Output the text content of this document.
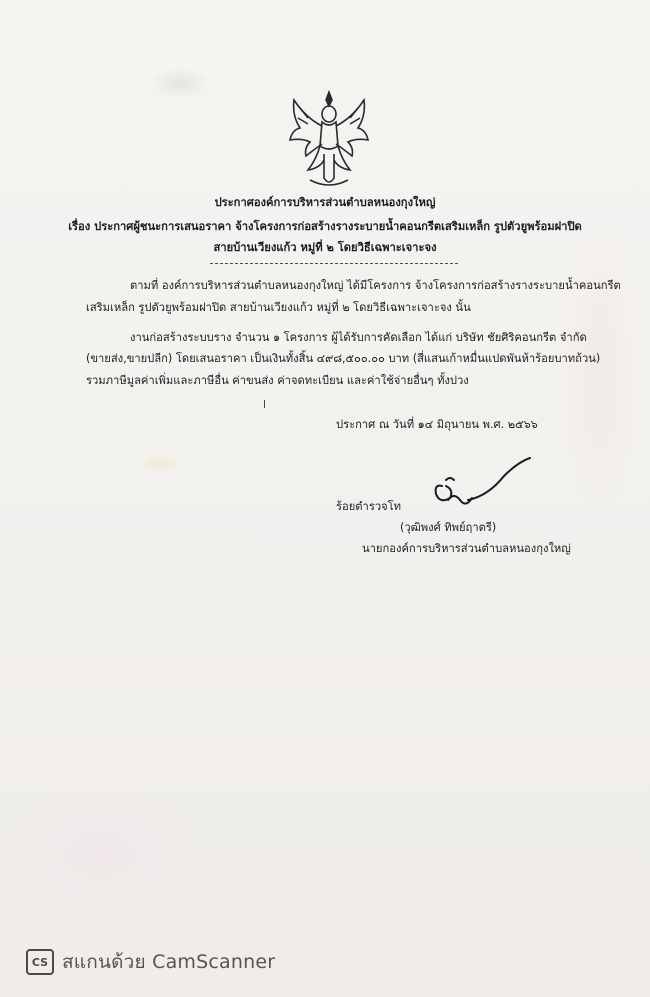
ประกาศองค์การบริหารส่วนตำบลหนองกุงใหญ่
เรื่อง ประกาศผู้ชนะการเสนอราคา จ้างโครงการก่อสร้างรางระบายน้ำคอนกรีตเสริมเหล็ก รูปตัวยูพร้อมฝาปิด
สายบ้านเวียงแก้ว หมู่ที่ ๒ โดยวิธีเฉพาะเจาะจง
ตามที่ องค์การบริหารส่วนตำบลหนองกุงใหญ่ ได้มีโครงการ จ้างโครงการก่อสร้างรางระบายน้ำคอนกรีต
เสริมเหล็ก รูปตัวยูพร้อมฝาปิด สายบ้านเวียงแก้ว หมู่ที่ ๒ โดยวิธีเฉพาะเจาะจง นั้น
งานก่อสร้างระบบราง จำนวน ๑ โครงการ ผู้ได้รับการคัดเลือก ได้แก่ บริษัท ชัยศิริคอนกรีต จำกัด
(ขายส่ง,ขายปลีก) โดยเสนอราคา เป็นเงินทั้งสิ้น ๔๙๘,๕๐๐.๐๐ บาท (สี่แสนเก้าหมื่นแปดพันห้าร้อยบาทถ้วน)
รวมภาษีมูลค่าเพิ่มและภาษีอื่น ค่าขนส่ง ค่าจดทะเบียน และค่าใช้จ่ายอื่นๆ ทั้งปวง
ประกาศ ณ วันที่ ๑๔ มิถุนายน พ.ศ. ๒๕๖๖
ร้อยตำรวจโท
(วุฒิพงศ์ ทิพย์ฤาตรี)
นายกองค์การบริหารส่วนตำบลหนองกุงใหญ่
CS สแกนด้วย CamScanner
